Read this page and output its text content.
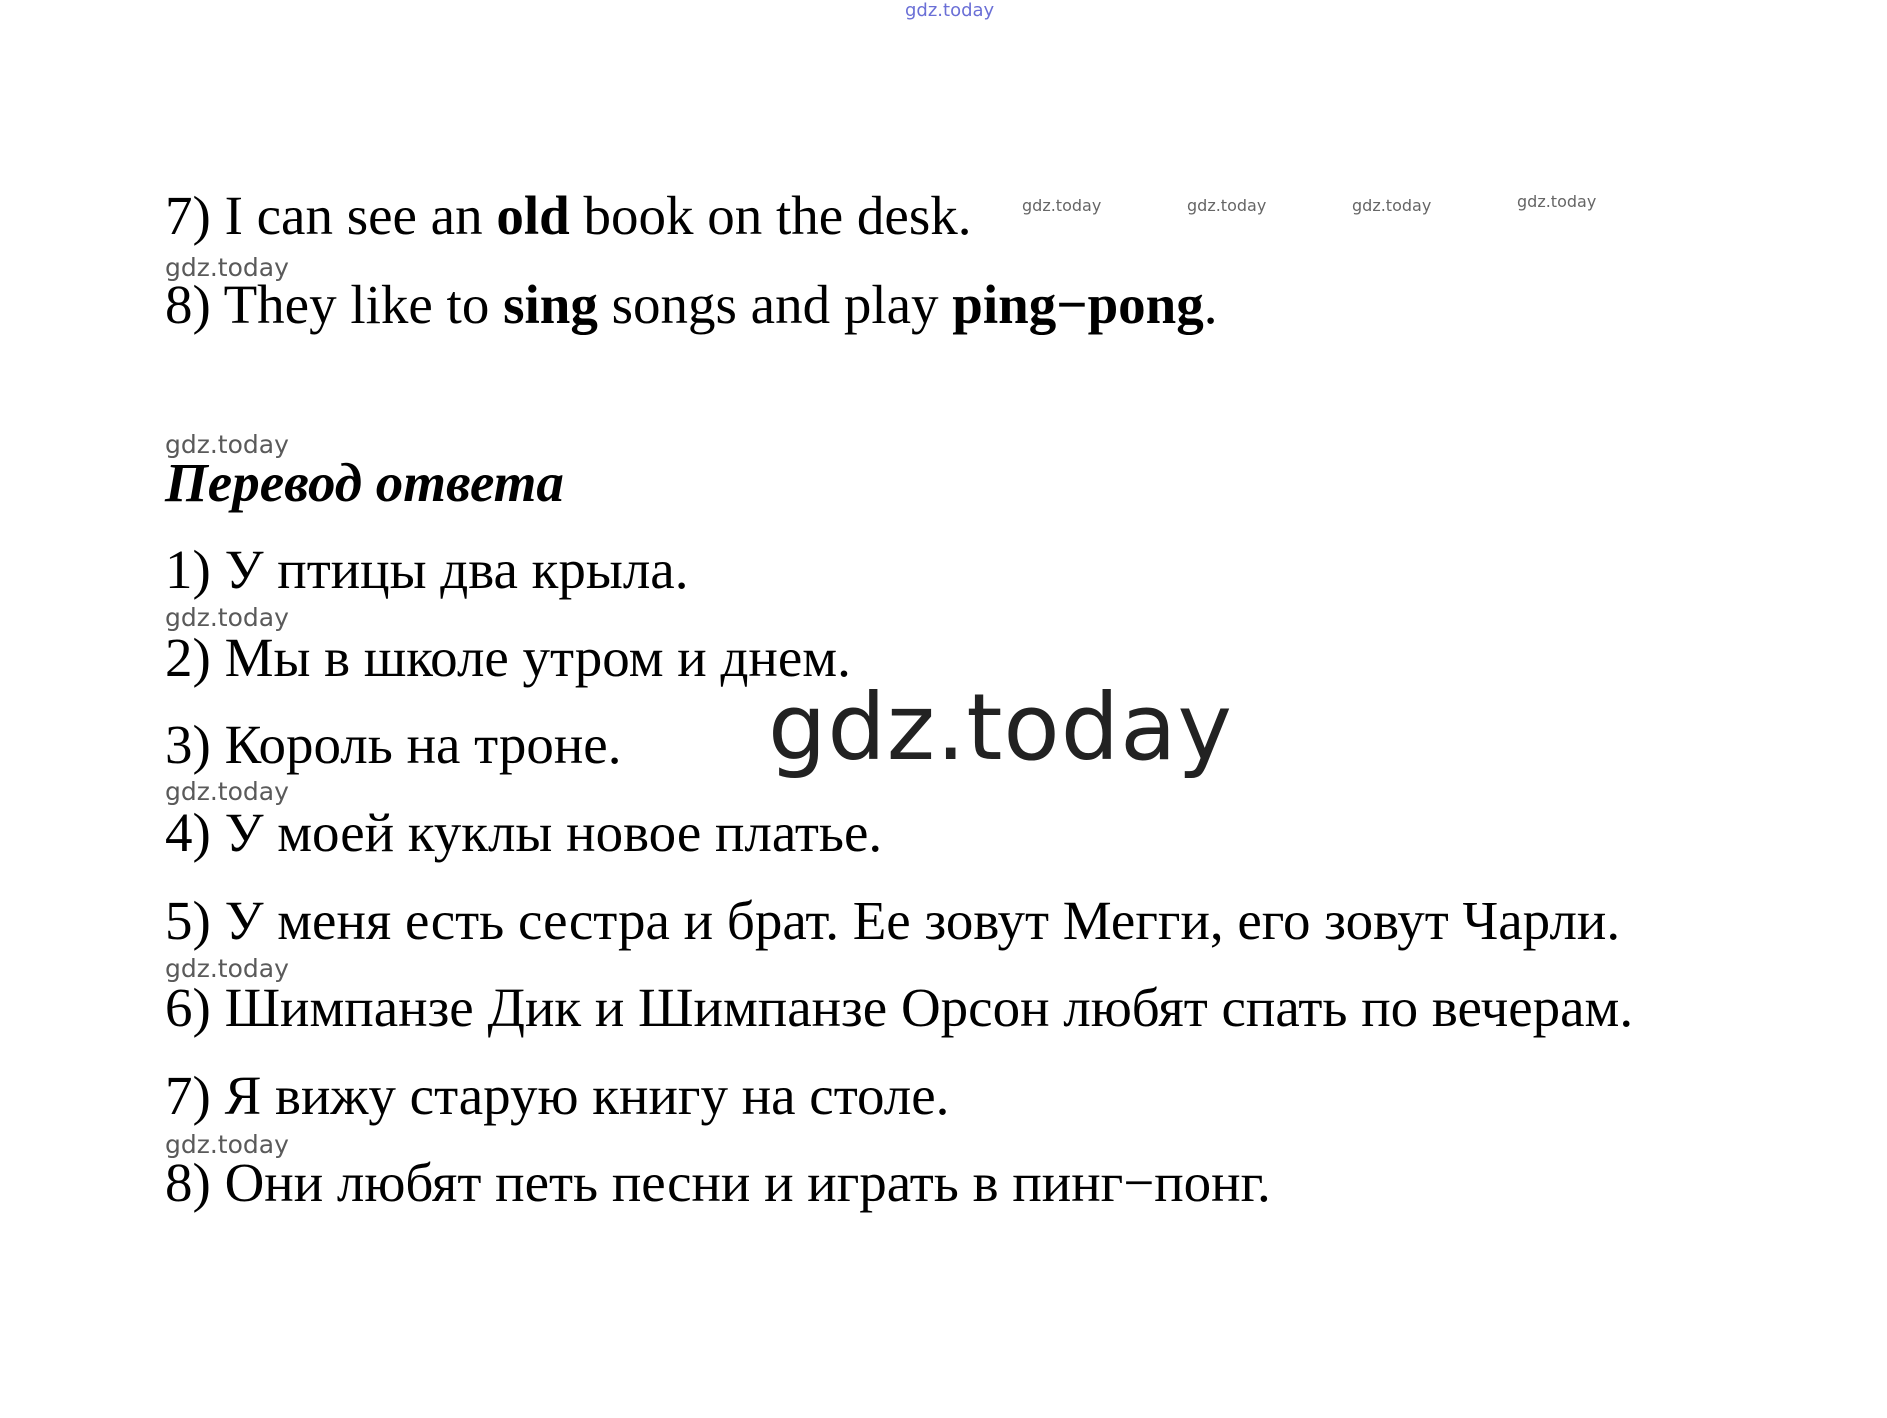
gdz.today

7) I can see an old book on the desk.	gdz.today	gdz.today	gdz.today	gdz.today
gdz.today

8) They like to sing songs and play ping−pong.

gdz.today

Перевод ответа

1) У птицы два крыла.

gdz.today

2) Мы в школе утром и днем.

3) Король на троне. gdz.today
gdz.today

4) У моей куклы новое платье.

5) У меня есть сестра и брат. Ее зовут Мегги, его зовут Чарли.

gdz.today

6) Шимпанзе Дик и Шимпанзе Орсон любят спать по вечерам.

7) Я вижу старую книгу на столе.

gdz.today

8) Они любят петь песни и играть в пинг−понг.
